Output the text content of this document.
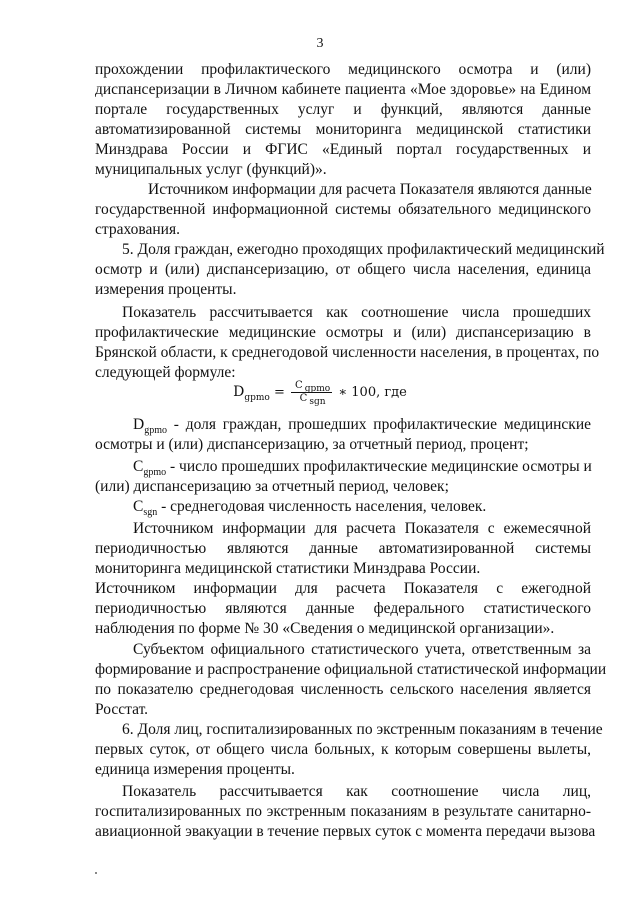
3
прохождении профилактического медицинского осмотра и (или)
диспансеризации в Личном кабинете пациента «Мое здоровье» на Едином
портале государственных услуг и функций, являются данные
автоматизированной системы мониторинга медицинской статистики
Минздрава России и ФГИС «Единый портал государственных и
муниципальных услуг (функций)».
Источником информации для расчета Показателя являются данные
государственной информационной системы обязательного медицинского
страхования.
5. Доля граждан, ежегодно проходящих профилактический медицинский
осмотр и (или) диспансеризацию, от общего числа населения, единица
измерения проценты.
Показатель рассчитывается как соотношение числа прошедших
профилактические медицинские осмотры и (или) диспансеризацию в
Брянской области, к среднегодовой численности населения, в процентах, по
следующей формуле:
$D_{gpmo} = \frac{C _{gpmo}}{C _{sgn}}$ ∗ 100, где
$D_{gpmo}$ - доля граждан, прошедших профилактические медицинские
осмотры и (или) диспансеризацию, за отчетный период, процент;
$C_{gpmo}$ - число прошедших профилактические медицинские осмотры и
(или) диспансеризацию за отчетный период, человек;
$C_{sgn}$ - среднегодовая численность населения, человек.
Источником информации для расчета Показателя с ежемесячной
периодичностью являются данные автоматизированной системы
мониторинга медицинской статистики Минздрава России.
Источником информации для расчета Показателя с ежегодной
периодичностью являются данные федерального статистического
наблюдения по форме № 30 «Сведения о медицинской организации».
Субъектом официального статистического учета, ответственным за
формирование и распространение официальной статистической информации
по показателю среднегодовая численность сельского населения является
Росстат.
6. Доля лиц, госпитализированных по экстренным показаниям в течение
первых суток, от общего числа больных, к которым совершены вылеты,
единица измерения проценты.
Показатель рассчитывается как соотношение числа лиц,
госпитализированных по экстренным показаниям в результате санитарно-
авиационной эвакуации в течение первых суток с момента передачи вызова
